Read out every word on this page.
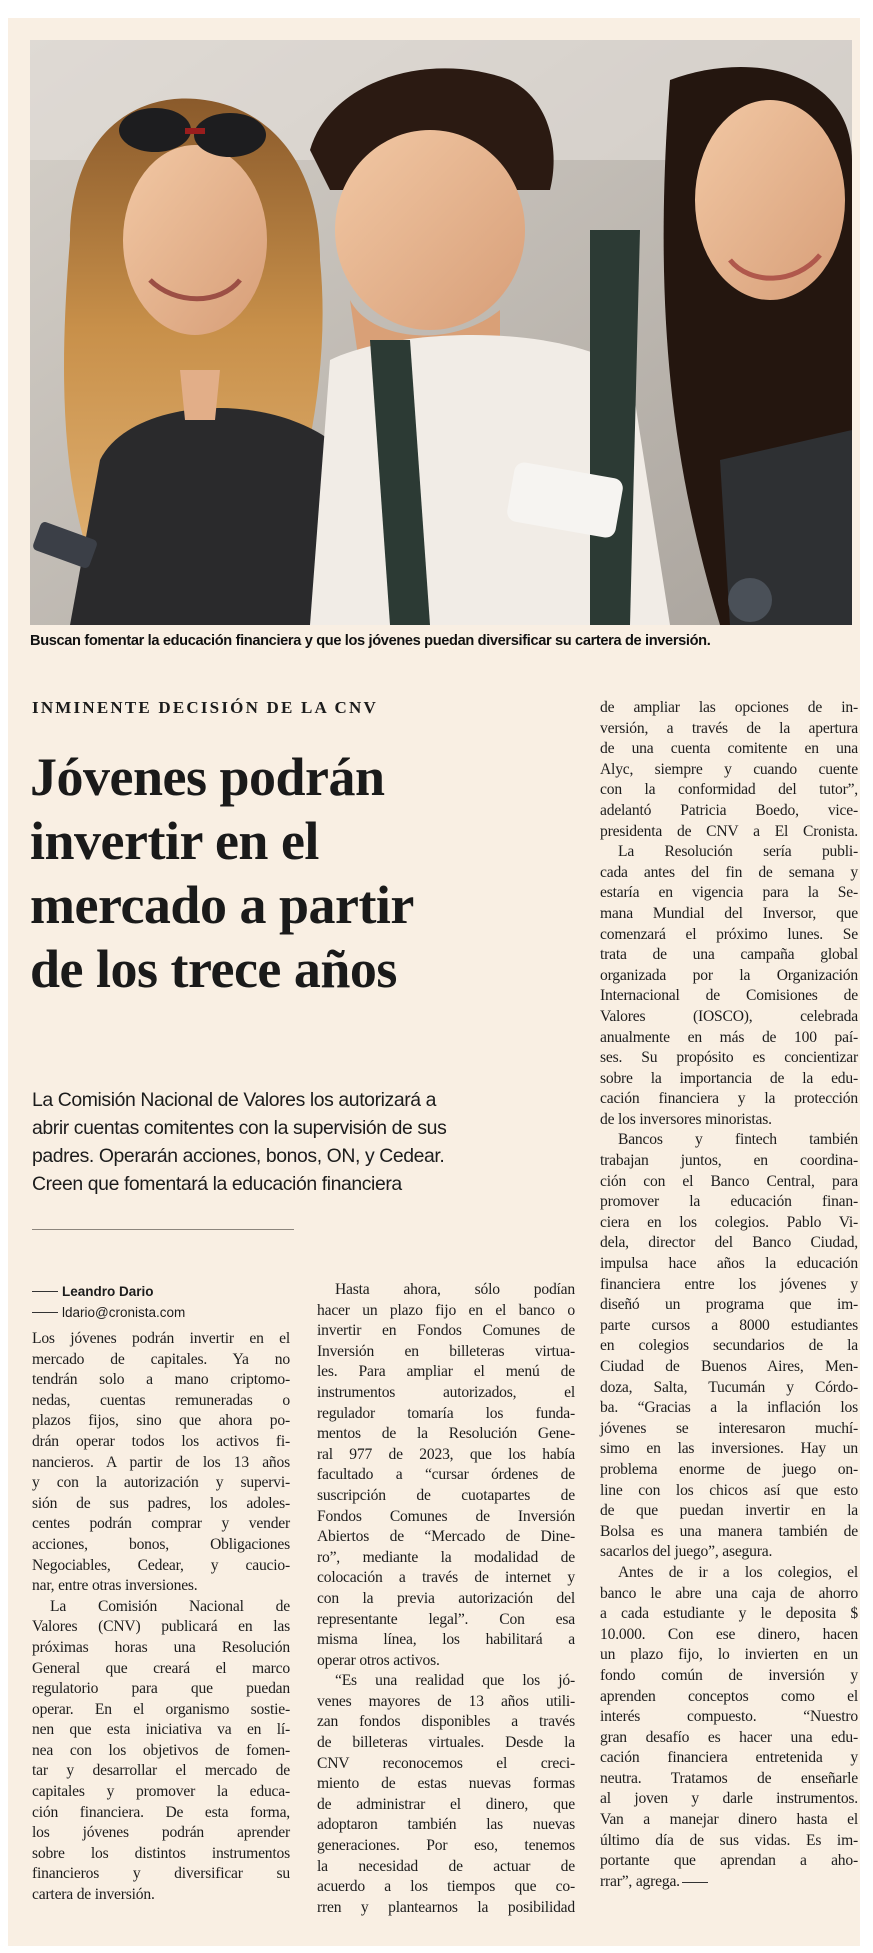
Buscan fomentar la educación financiera y que los jóvenes puedan diversificar su cartera de inversión.
INMINENTE DECISIÓN DE LA CNV
Jóvenes podrán
invertir en el
mercado a partir
de los trece años
La Comisión Nacional de Valores los autorizará a
abrir cuentas comitentes con la supervisión de sus
padres. Operarán acciones, bonos, ON, y Cedear.
Creen que fomentará la educación financiera
Leandro Dario
ldario@cronista.com
Los jóvenes podrán invertir en el
mercado de capitales. Ya no
tendrán solo a mano criptomo-
nedas, cuentas remuneradas o
plazos fijos, sino que ahora po-
drán operar todos los activos fi-
nancieros. A partir de los 13 años
y con la autorización y supervi-
sión de sus padres, los adoles-
centes podrán comprar y vender
acciones, bonos, Obligaciones
Negociables, Cedear, y caucio-
nar, entre otras inversiones.
La Comisión Nacional de
Valores (CNV) publicará en las
próximas horas una Resolución
General que creará el marco
regulatorio para que puedan
operar. En el organismo sostie-
nen que esta iniciativa va en lí-
nea con los objetivos de fomen-
tar y desarrollar el mercado de
capitales y promover la educa-
ción financiera. De esta forma,
los jóvenes podrán aprender
sobre los distintos instrumentos
financieros y diversificar su
cartera de inversión.
Hasta ahora, sólo podían
hacer un plazo fijo en el banco o
invertir en Fondos Comunes de
Inversión en billeteras virtua-
les. Para ampliar el menú de
instrumentos autorizados, el
regulador tomaría los funda-
mentos de la Resolución Gene-
ral 977 de 2023, que los había
facultado a “cursar órdenes de
suscripción de cuotapartes de
Fondos Comunes de Inversión
Abiertos de “Mercado de Dine-
ro”, mediante la modalidad de
colocación a través de internet y
con la previa autorización del
representante legal”. Con esa
misma línea, los habilitará a
operar otros activos.
“Es una realidad que los jó-
venes mayores de 13 años utili-
zan fondos disponibles a través
de billeteras virtuales. Desde la
CNV reconocemos el creci-
miento de estas nuevas formas
de administrar el dinero, que
adoptaron también las nuevas
generaciones. Por eso, tenemos
la necesidad de actuar de
acuerdo a los tiempos que co-
rren y plantearnos la posibilidad
de ampliar las opciones de in-
versión, a través de la apertura
de una cuenta comitente en una
Alyc, siempre y cuando cuente
con la conformidad del tutor”,
adelantó Patricia Boedo, vice-
presidenta de CNV a El Cronista.
La Resolución sería publi-
cada antes del fin de semana y
estaría en vigencia para la Se-
mana Mundial del Inversor, que
comenzará el próximo lunes. Se
trata de una campaña global
organizada por la Organización
Internacional de Comisiones de
Valores (IOSCO), celebrada
anualmente en más de 100 paí-
ses. Su propósito es concientizar
sobre la importancia de la edu-
cación financiera y la protección
de los inversores minoristas.
Bancos y fintech también
trabajan juntos, en coordina-
ción con el Banco Central, para
promover la educación finan-
ciera en los colegios. Pablo Vi-
dela, director del Banco Ciudad,
impulsa hace años la educación
financiera entre los jóvenes y
diseñó un programa que im-
parte cursos a 8000 estudiantes
en colegios secundarios de la
Ciudad de Buenos Aires, Men-
doza, Salta, Tucumán y Córdo-
ba. “Gracias a la inflación los
jóvenes se interesaron muchí-
simo en las inversiones. Hay un
problema enorme de juego on-
line con los chicos así que esto
de que puedan invertir en la
Bolsa es una manera también de
sacarlos del juego”, asegura.
Antes de ir a los colegios, el
banco le abre una caja de ahorro
a cada estudiante y le deposita $
10.000. Con ese dinero, hacen
un plazo fijo, lo invierten en un
fondo común de inversión y
aprenden conceptos como el
interés compuesto. “Nuestro
gran desafío es hacer una edu-
cación financiera entretenida y
neutra. Tratamos de enseñarle
al joven y darle instrumentos.
Van a manejar dinero hasta el
último día de sus vidas. Es im-
portante que aprendan a aho-
rrar”, agrega.
